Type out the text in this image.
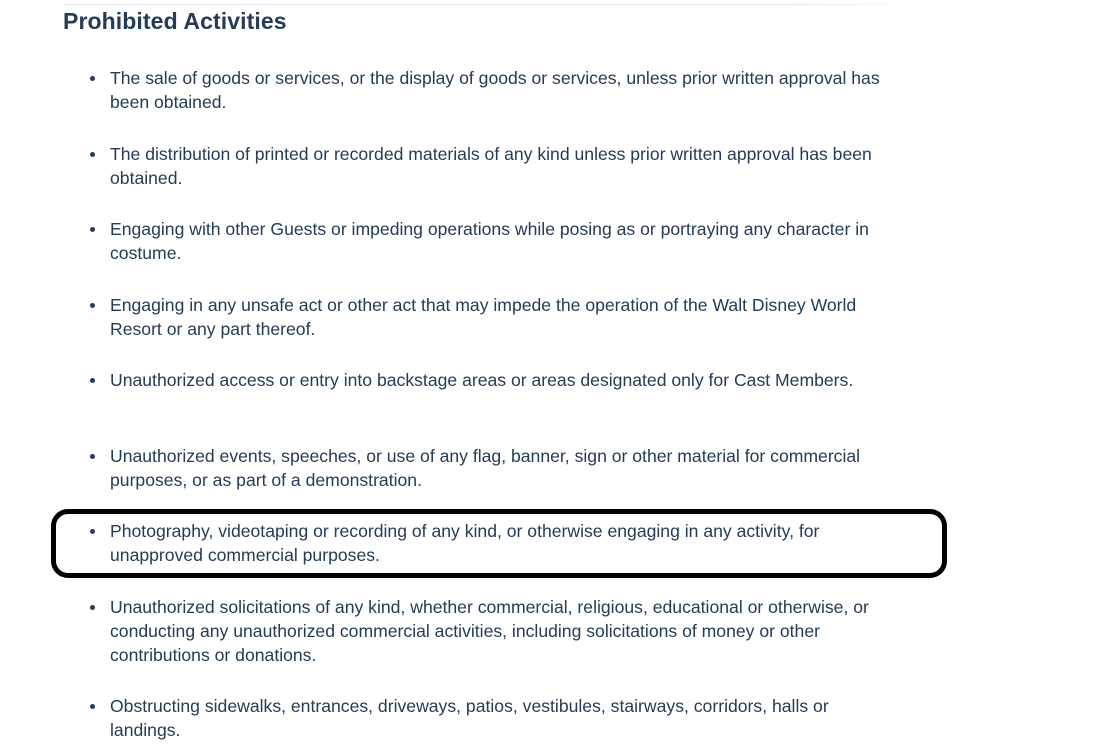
Prohibited Activities
The sale of goods or services, or the display of goods or services, unless prior written approval has been obtained.
The distribution of printed or recorded materials of any kind unless prior written approval has been obtained.
Engaging with other Guests or impeding operations while posing as or portraying any character in costume.
Engaging in any unsafe act or other act that may impede the operation of the Walt Disney World Resort or any part thereof.
Unauthorized access or entry into backstage areas or areas designated only for Cast Members.
Unauthorized events, speeches, or use of any flag, banner, sign or other material for commercial purposes, or as part of a demonstration.
Photography, videotaping or recording of any kind, or otherwise engaging in any activity, for unapproved commercial purposes.
Unauthorized solicitations of any kind, whether commercial, religious, educational or otherwise, or conducting any unauthorized commercial activities, including solicitations of money or other contributions or donations.
Obstructing sidewalks, entrances, driveways, patios, vestibules, stairways, corridors, halls or landings.
